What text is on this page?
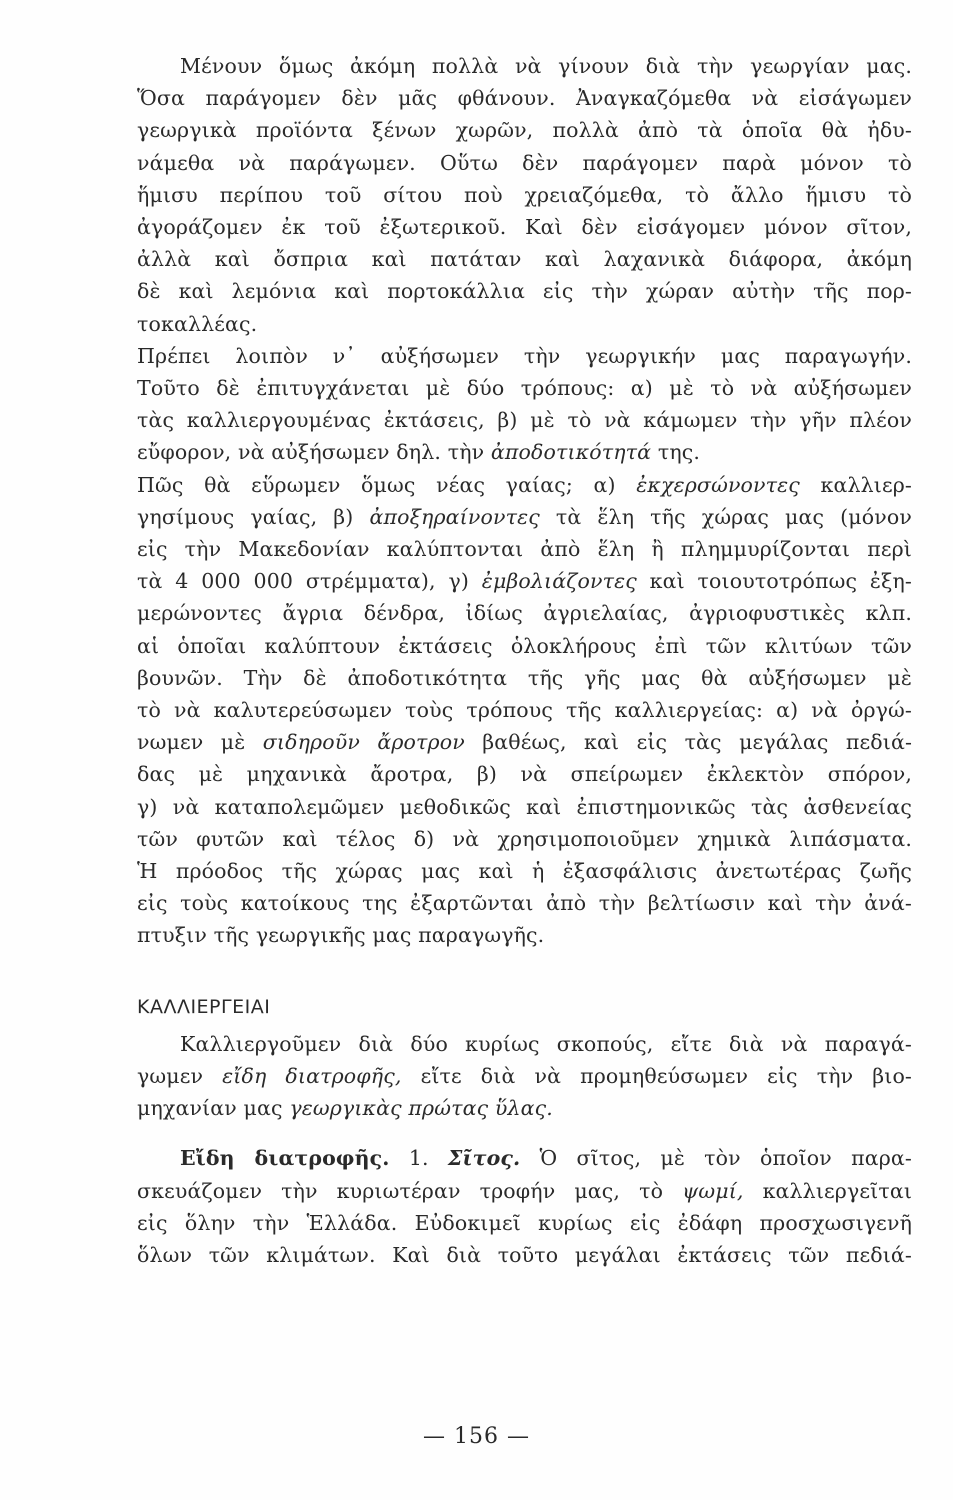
Μένουν ὅμως ἀκόμη πολλὰ νὰ γίνουν διὰ τὴν γεωργίαν μας.
Ὅσα παράγομεν δὲν μᾶς φθάνουν. Ἀναγκαζόμεθα νὰ εἰσάγωμεν
γεωργικὰ προϊόντα ξένων χωρῶν, πολλὰ ἀπὸ τὰ ὁποῖα θὰ ἠδυ-
νάμεθα νὰ παράγωμεν. Οὕτω δὲν παράγομεν παρὰ μόνον τὸ
ἥμισυ περίπου τοῦ σίτου ποὺ χρειαζόμεθα, τὸ ἄλλο ἥμισυ τὸ
ἀγοράζομεν ἐκ τοῦ ἐξωτερικοῦ. Καὶ δὲν εἰσάγομεν μόνον σῖτον,
ἀλλὰ καὶ ὄσπρια καὶ πατάταν καὶ λαχανικὰ διάφορα, ἀκόμη
δὲ καὶ λεμόνια καὶ πορτοκάλλια εἰς τὴν χώραν αὐτὴν τῆς πορ-
τοκαλλέας.

Πρέπει λοιπὸν ν᾽ αὐξήσωμεν τὴν γεωργικήν μας παραγωγήν.
Τοῦτο δὲ ἐπιτυγχάνεται μὲ δύο τρόπους: α) μὲ τὸ νὰ αὐξήσωμεν
τὰς καλλιεργουμένας ἐκτάσεις, β) μὲ τὸ νὰ κάμωμεν τὴν γῆν πλέον
εὔφορον, νὰ αὐξήσωμεν δηλ. τὴν ἀποδοτικότητά της.

Πῶς θὰ εὕρωμεν ὅμως νέας γαίας; α) ἐκχερσώνοντες καλλιερ-
γησίμους γαίας, β) ἀποξηραίνοντες τὰ ἕλη τῆς χώρας μας (μόνον
εἰς τὴν Μακεδονίαν καλύπτονται ἀπὸ ἕλη ἢ πλημμυρίζονται περὶ
τὰ 4 000 000 στρέμματα), γ) ἐμβολιάζοντες καὶ τοιουτοτρόπως ἐξη-
μερώνοντες ἄγρια δένδρα, ἰδίως ἀγριελαίας, ἀγριοφυστικὲς κλπ.
αἱ ὁποῖαι καλύπτουν ἐκτάσεις ὁλοκλήρους ἐπὶ τῶν κλιτύων τῶν
βουνῶν. Τὴν δὲ ἀποδοτικότητα τῆς γῆς μας θὰ αὐξήσωμεν μὲ
τὸ νὰ καλυτερεύσωμεν τοὺς τρόπους τῆς καλλιεργείας: α) νὰ ὀργώ-
νωμεν μὲ σιδηροῦν ἄροτρον βαθέως, καὶ εἰς τὰς μεγάλας πεδιά-
δας μὲ μηχανικὰ ἄροτρα, β) νὰ σπείρωμεν ἐκλεκτὸν σπόρον,
γ) νὰ καταπολεμῶμεν μεθοδικῶς καὶ ἐπιστημονικῶς τὰς ἀσθενείας
τῶν φυτῶν καὶ τέλος δ) νὰ χρησιμοποιοῦμεν χημικὰ λιπάσματα.

Ἡ πρόοδος τῆς χώρας μας καὶ ἡ ἐξασφάλισις ἀνετωτέρας ζωῆς
εἰς τοὺς κατοίκους της ἐξαρτῶνται ἀπὸ τὴν βελτίωσιν καὶ τὴν ἀνά-
πτυξιν τῆς γεωργικῆς μας παραγωγῆς.

ΚΑΛΛΙΕΡΓΕΙΑΙ

Καλλιεργοῦμεν διὰ δύο κυρίως σκοπούς, εἴτε διὰ νὰ παραγά-
γωμεν εἴδη διατροφῆς, εἴτε διὰ νὰ προμηθεύσωμεν εἰς τὴν βιο-
μηχανίαν μας γεωργικὰς πρώτας ὕλας.

Εἴδη διατροφῆς. 1. Σῖτος. Ὁ σῖτος, μὲ τὸν ὁποῖον παρα-
σκευάζομεν τὴν κυριωτέραν τροφήν μας, τὸ ψωμί, καλλιεργεῖται
εἰς ὅλην τὴν Ἑλλάδα. Εὐδοκιμεῖ κυρίως εἰς ἐδάφη προσχωσιγενῆ
ὅλων τῶν κλιμάτων. Καὶ διὰ τοῦτο μεγάλαι ἐκτάσεις τῶν πεδιά-

— 156 —
